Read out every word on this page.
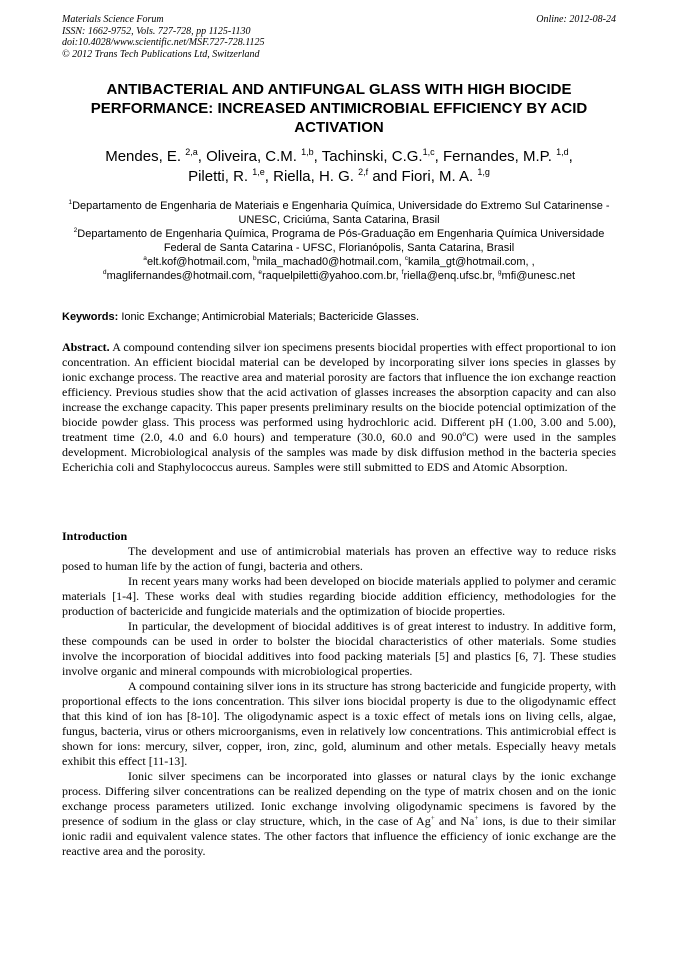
Materials Science Forum
ISSN: 1662-9752, Vols. 727-728, pp 1125-1130
doi:10.4028/www.scientific.net/MSF.727-728.1125
© 2012 Trans Tech Publications Ltd, Switzerland
Online: 2012-08-24
ANTIBACTERIAL AND ANTIFUNGAL GLASS WITH HIGH BIOCIDE PERFORMANCE: INCREASED ANTIMICROBIAL EFFICIENCY BY ACID ACTIVATION
Mendes, E. $^{2,a}$, Oliveira, C.M. $^{1,b}$, Tachinski, C.G.$^{1,c}$, Fernandes, M.P. $^{1,d}$,
Piletti, R. $^{1,e}$, Riella, H. G. $^{2,f}$ and Fiori, M. A. $^{1,g}$
$^1$Departamento de Engenharia de Materiais e Engenharia Química, Universidade do Extremo Sul Catarinense - UNESC, Criciúma, Santa Catarina, Brasil
$^2$Departamento de Engenharia Química, Programa de Pós-Graduação em Engenharia Química Universidade Federal de Santa Catarina - UFSC, Florianópolis, Santa Catarina, Brasil
$^a$elt.kof@hotmail.com, $^b$mila_machad0@hotmail.com, $^c$kamila_gt@hotmail.com, ,
$^d$maglifernandes@hotmail.com, $^e$raquelpiletti@yahoo.com.br, $^f$riella@enq.ufsc.br, $^g$mfi@unesc.net
Keywords: Ionic Exchange; Antimicrobial Materials; Bactericide Glasses.
Abstract. A compound contending silver ion specimens presents biocidal properties with effect proportional to ion concentration. An efficient biocidal material can be developed by incorporating silver ions species in glasses by ionic exchange process. The reactive area and material porosity are factors that influence the ion exchange reaction efficiency. Previous studies show that the acid activation of glasses increases the absorption capacity and can also increase the exchange capacity. This paper presents preliminary results on the biocide potencial optimization of the biocide powder glass. This process was performed using hydrochloric acid. Different pH (1.00, 3.00 and 5.00), treatment time (2.0, 4.0 and 6.0 hours) and temperature (30.0, 60.0 and 90.0ºC) were used in the samples development. Microbiological analysis of the samples was made by disk diffusion method in the bacteria species Echerichia coli and Staphylococcus aureus. Samples were still submitted to EDS and Atomic Absorption.
Introduction

The development and use of antimicrobial materials has proven an effective way to reduce risks posed to human life by the action of fungi, bacteria and others.

In recent years many works had been developed on biocide materials applied to polymer and ceramic materials [1-4]. These works deal with studies regarding biocide addition efficiency, methodologies for the production of bactericide and fungicide materials and the optimization of biocide properties.

In particular, the development of biocidal additives is of great interest to industry. In additive form, these compounds can be used in order to bolster the biocidal characteristics of other materials. Some studies involve the incorporation of biocidal additives into food packing materials [5] and plastics [6, 7]. These studies involve organic and mineral compounds with microbiological properties.

A compound containing silver ions in its structure has strong bactericide and fungicide property, with proportional effects to the ions concentration. This silver ions biocidal property is due to the oligodynamic effect that this kind of ion has [8-10]. The oligodynamic aspect is a toxic effect of metals ions on living cells, algae, fungus, bacteria, virus or others microorganisms, even in relatively low concentrations. This antimicrobial effect is shown for ions: mercury, silver, copper, iron, zinc, gold, aluminum and other metals. Especially heavy metals exhibit this effect [11-13].

Ionic silver specimens can be incorporated into glasses or natural clays by the ionic exchange process. Differing silver concentrations can be realized depending on the type of matrix chosen and on the ionic exchange process parameters utilized. Ionic exchange involving oligodynamic specimens is favored by the presence of sodium in the glass or clay structure, which, in the case of Ag+ and Na+ ions, is due to their similar ionic radii and equivalent valence states. The other factors that influence the efficiency of ionic exchange are the reactive area and the porosity.
